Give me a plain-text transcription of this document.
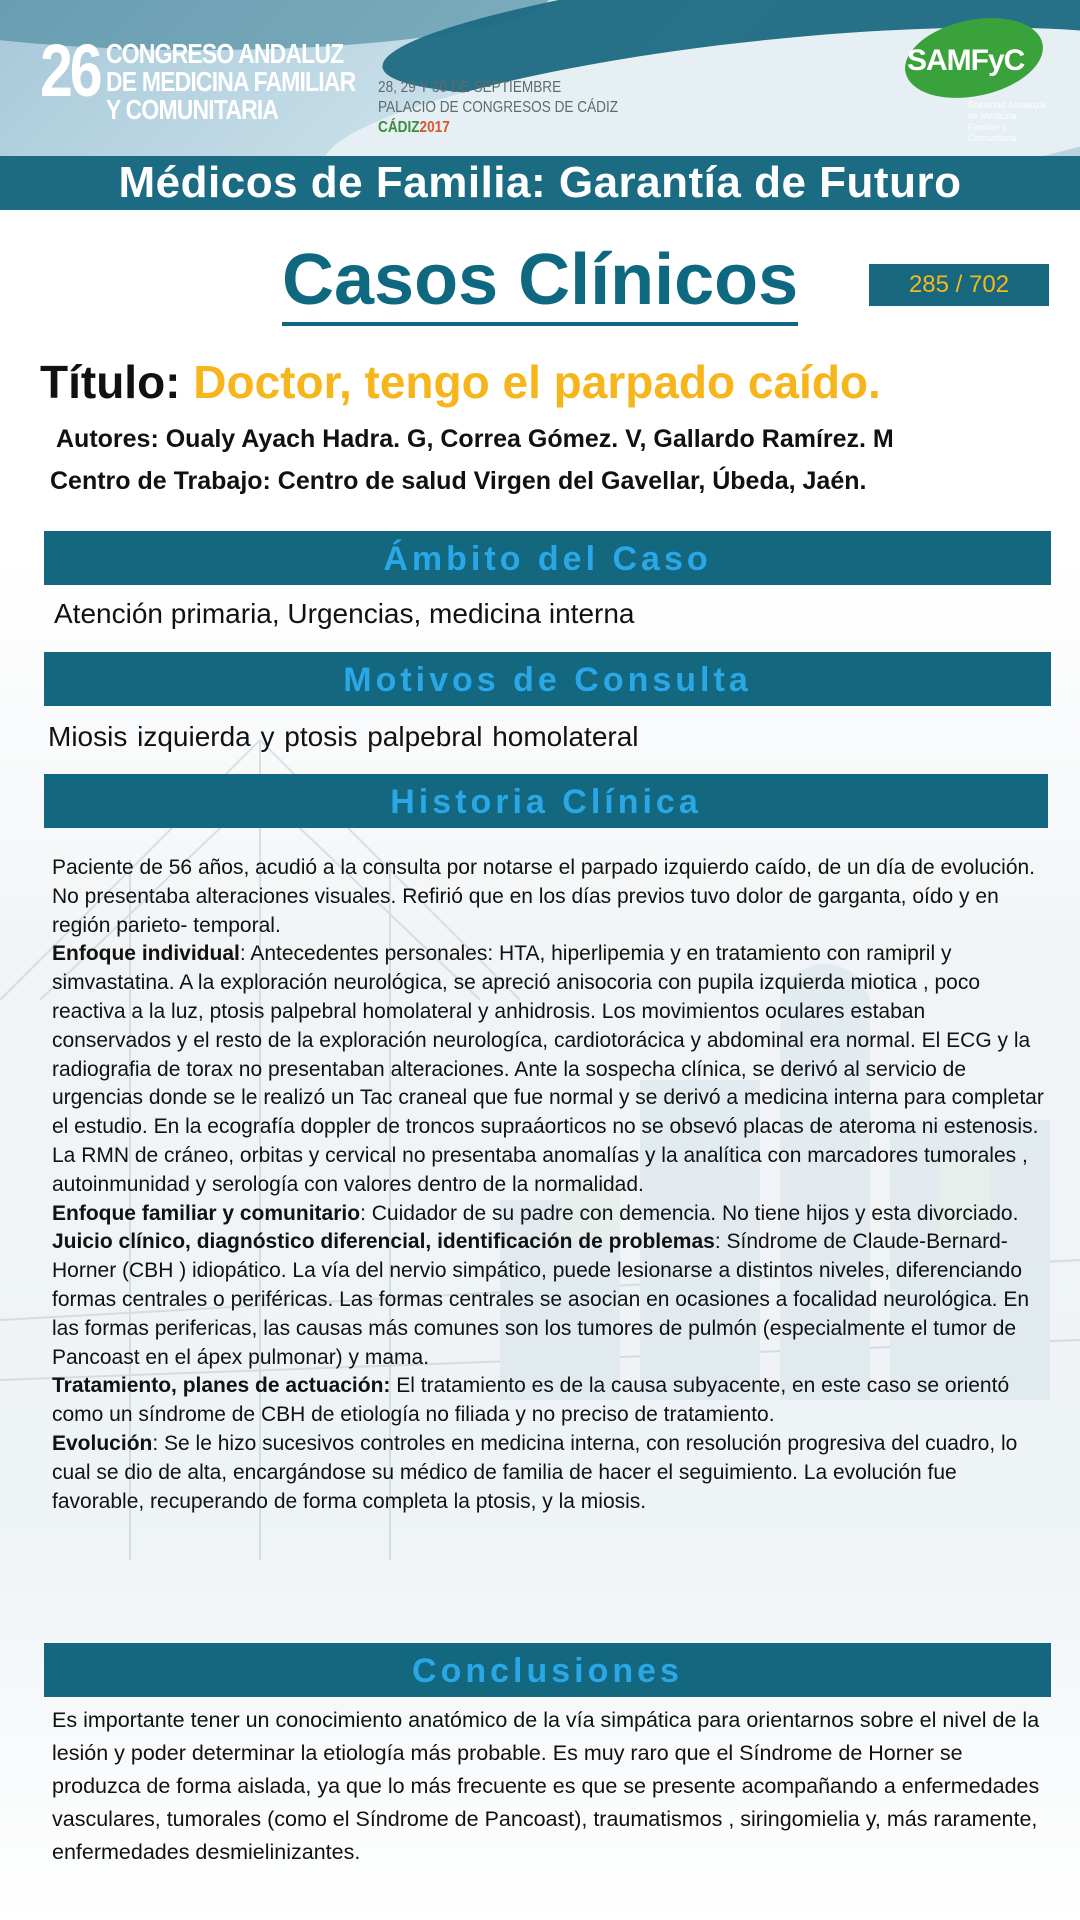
26 CONGRESO ANDALUZ
DE MEDICINA FAMILIAR
Y COMUNITARIA
28, 29 Y 30 DE SEPTIEMBRE
PALACIO DE CONGRESOS DE CÁDIZ
CÁDIZ2017
SAMFyC
Sociedad Andaluza de Medicina Familiar y Comunitaria
Médicos de Familia: Garantía de Futuro
Casos Clínicos	285 / 702
Título: Doctor, tengo el parpado caído.
Autores: Oualy Ayach Hadra. G, Correa Gómez. V, Gallardo Ramírez. M
Centro de Trabajo: Centro de salud Virgen del Gavellar, Úbeda, Jaén.
Ámbito del Caso
Atención primaria, Urgencias, medicina interna
Motivos de Consulta
Miosis izquierda y ptosis palpebral homolateral
Historia Clínica

Paciente de 56 años, acudió a la consulta por notarse el parpado izquierdo caído, de un día de evolución. No presentaba alteraciones visuales. Refirió que en los días previos tuvo dolor de garganta, oído y en región parieto- temporal.

Enfoque individual: Antecedentes personales: HTA, hiperlipemia y en tratamiento con ramipril y simvastatina. A la exploración neurológica, se apreció anisocoria con pupila izquierda miotica , poco reactiva a la luz, ptosis palpebral homolateral y anhidrosis. Los movimientos oculares estaban conservados y el resto de la exploración neurologíca, cardiotorácica y abdominal era normal. El ECG y la radiografia de torax no presentaban alteraciones. Ante la sospecha clínica, se derivó al servicio de urgencias donde se le realizó un Tac craneal que fue normal y se derivó a medicina interna para completar el estudio. En la ecografía doppler de troncos supraáorticos no se obsevó placas de ateroma ni estenosis. La RMN de cráneo, orbitas y cervical no presentaba anomalías y la analítica con marcadores tumorales , autoinmunidad y serología con valores dentro de la normalidad.

Enfoque familiar y comunitario: Cuidador de su padre con demencia. No tiene hijos y esta divorciado.

Juicio clínico, diagnóstico diferencial, identificación de problemas: Síndrome de Claude-Bernard-Horner (CBH ) idiopático. La vía del nervio simpático, puede lesionarse a distintos niveles, diferenciando formas centrales o periféricas. Las formas centrales se asocian en ocasiones a focalidad neurológica. En las formas perifericas, las causas más comunes son los tumores de pulmón (especialmente el tumor de Pancoast en el ápex pulmonar) y mama.

Tratamiento, planes de actuación: El tratamiento es de la causa subyacente, en este caso se orientó como un síndrome de CBH de etiología no filiada y no preciso de tratamiento.

Evolución: Se le hizo sucesivos controles en medicina interna, con resolución progresiva del cuadro, lo cual se dio de alta, encargándose su médico de familia de hacer el seguimiento. La evolución fue favorable, recuperando de forma completa la ptosis, y la miosis.

Conclusiones
Es importante tener un conocimiento anatómico de la vía simpática para orientarnos sobre el nivel de la lesión y poder determinar la etiología más probable. Es muy raro que el Síndrome de Horner se produzca de forma aislada, ya que lo más frecuente es que se presente acompañando a enfermedades vasculares, tumorales (como el Síndrome de Pancoast), traumatismos , siringomielia y, más raramente, enfermedades desmielinizantes.
